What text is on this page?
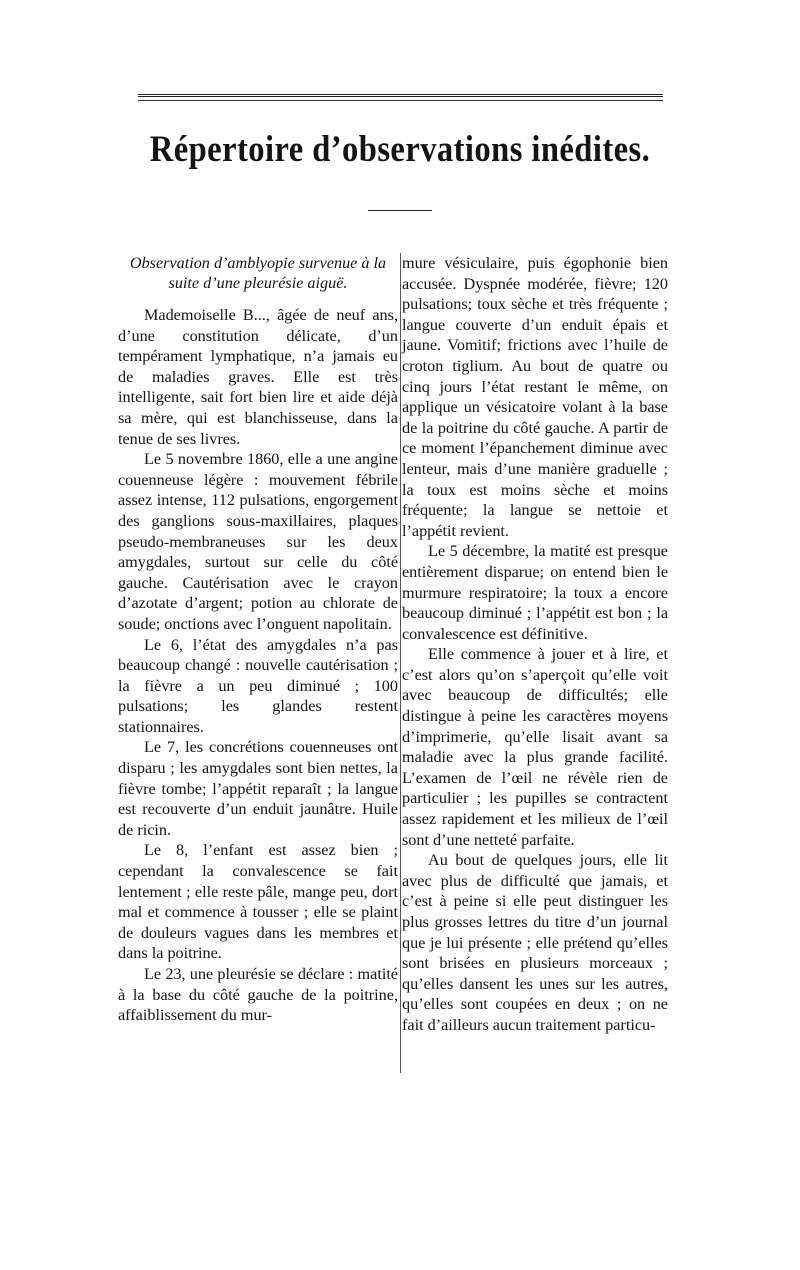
Répertoire d’observations inédites.
Observation d’amblyopie survenue à la suite d’une pleurésie aiguë.

Mademoiselle B..., âgée de neuf ans, d’une constitution délicate, d’un tempérament lymphatique, n’a jamais eu de maladies graves. Elle est très intelligente, sait fort bien lire et aide déjà sa mère, qui est blanchisseuse, dans la tenue de ses livres.

Le 5 novembre 1860, elle a une angine couenneuse légère : mouvement fébrile assez intense, 112 pulsations, engorgement des ganglions sous-maxillaires, plaques pseudo-membraneuses sur les deux amygdales, surtout sur celle du côté gauche. Cautérisation avec le crayon d’azotate d’argent; potion au chlorate de soude; onctions avec l’onguent napolitain.

Le 6, l’état des amygdales n’a pas beaucoup changé : nouvelle cautérisation ; la fièvre a un peu diminué ; 100 pulsations; les glandes restent stationnaires.

Le 7, les concrétions couenneuses ont disparu ; les amygdales sont bien nettes, la fièvre tombe; l’appétit reparaît ; la langue est recouverte d’un enduit jaunâtre. Huile de ricin.

Le 8, l’enfant est assez bien ; cependant la convalescence se fait lentement ; elle reste pâle, mange peu, dort mal et commence à tousser ; elle se plaint de douleurs vagues dans les membres et dans la poitrine.

Le 23, une pleurésie se déclare : matité à la base du côté gauche de la poitrine, affaiblissement du mur-

mure vésiculaire, puis égophonie bien accusée. Dyspnée modérée, fièvre; 120 pulsations; toux sèche et très fréquente ; langue couverte d’un enduit épais et jaune. Vomitif; frictions avec l’huile de croton tiglium. Au bout de quatre ou cinq jours l’état restant le même, on applique un vésicatoire volant à la base de la poitrine du côté gauche. A partir de ce moment l’épanchement diminue avec lenteur, mais d’une manière graduelle ; la toux est moins sèche et moins fréquente; la langue se nettoie et l’appétit revient.

Le 5 décembre, la matité est presque entièrement disparue; on entend bien le murmure respiratoire; la toux a encore beaucoup diminué ; l’appétit est bon ; la convalescence est définitive.

Elle commence à jouer et à lire, et c’est alors qu’on s’aperçoit qu’elle voit avec beaucoup de difficultés; elle distingue à peine les caractères moyens d’imprimerie, qu’elle lisait avant sa maladie avec la plus grande facilité. L’examen de l’œil ne révèle rien de particulier ; les pupilles se contractent assez rapidement et les milieux de l’œil sont d’une netteté parfaite.

Au bout de quelques jours, elle lit avec plus de difficulté que jamais, et c’est à peine si elle peut distinguer les plus grosses lettres du titre d’un journal que je lui présente ; elle prétend qu’elles sont brisées en plusieurs morceaux ; qu’elles dansent les unes sur les autres, qu’elles sont coupées en deux ; on ne fait d’ailleurs aucun traitement particu-
